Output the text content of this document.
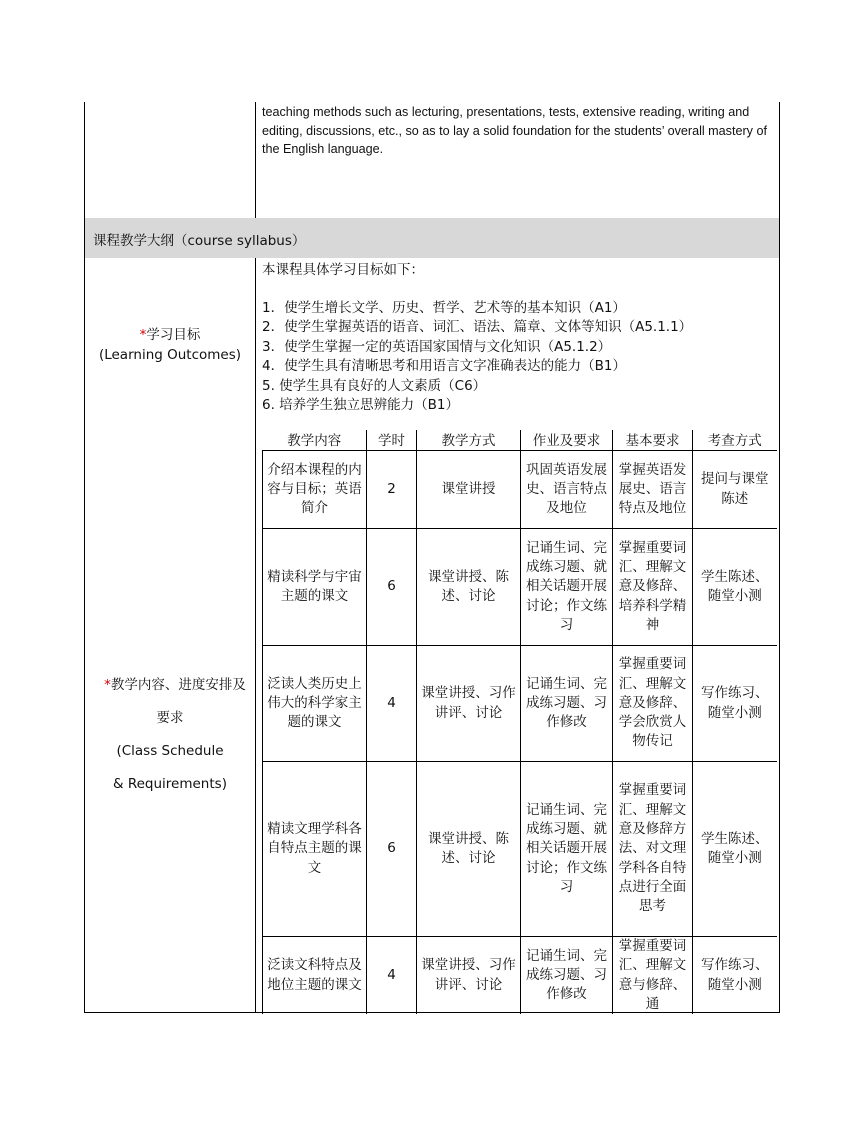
teaching methods such as lecturing, presentations, tests, extensive reading, writing and editing, discussions, etc., so as to lay a solid foundation for the students’ overall mastery of the English language.

课程教学大纲（course syllabus）
*学习目标
(Learning Outcomes)
*教学内容、进度安排及
要求
(Class Schedule
& Requirements)

本课程具体学习目标如下：

1．使学生增长文学、历史、哲学、艺术等的基本知识（A1）
2．使学生掌握英语的语音、词汇、语法、篇章、文体等知识（A5.1.1）
3．使学生掌握一定的英语国家国情与文化知识（A5.1.2）
4．使学生具有清晰思考和用语言文字准确表达的能力（B1）
5. 使学生具有良好的人文素质（C6）
6. 培养学生独立思辨能力（B1）
教学内容	学时	教学方式	作业及要求	基本要求	考查方式
介绍本课程的内容与目标；英语简介	2	课堂讲授	巩固英语发展史、语言特点及地位	掌握英语发展史、语言特点及地位	提问与课堂陈述
精读科学与宇宙主题的课文	6	课堂讲授、陈述、讨论	记诵生词、完成练习题、就相关话题开展讨论；作文练习	掌握重要词汇、理解文意及修辞、培养科学精神	学生陈述、随堂小测
泛读人类历史上伟大的科学家主题的课文	4	课堂讲授、习作讲评、讨论	记诵生词、完成练习题、习作修改	掌握重要词汇、理解文意及修辞、学会欣赏人物传记	写作练习、随堂小测
精读文理学科各自特点主题的课文	6	课堂讲授、陈述、讨论	记诵生词、完成练习题、就相关话题开展讨论；作文练习	掌握重要词汇、理解文意及修辞方法、对文理学科各自特点进行全面思考	学生陈述、随堂小测
泛读文科特点及地位主题的课文	4	课堂讲授、习作讲评、讨论	记诵生词、完成练习题、习作修改	掌握重要词汇、理解文意与修辞、通	写作练习、随堂小测
